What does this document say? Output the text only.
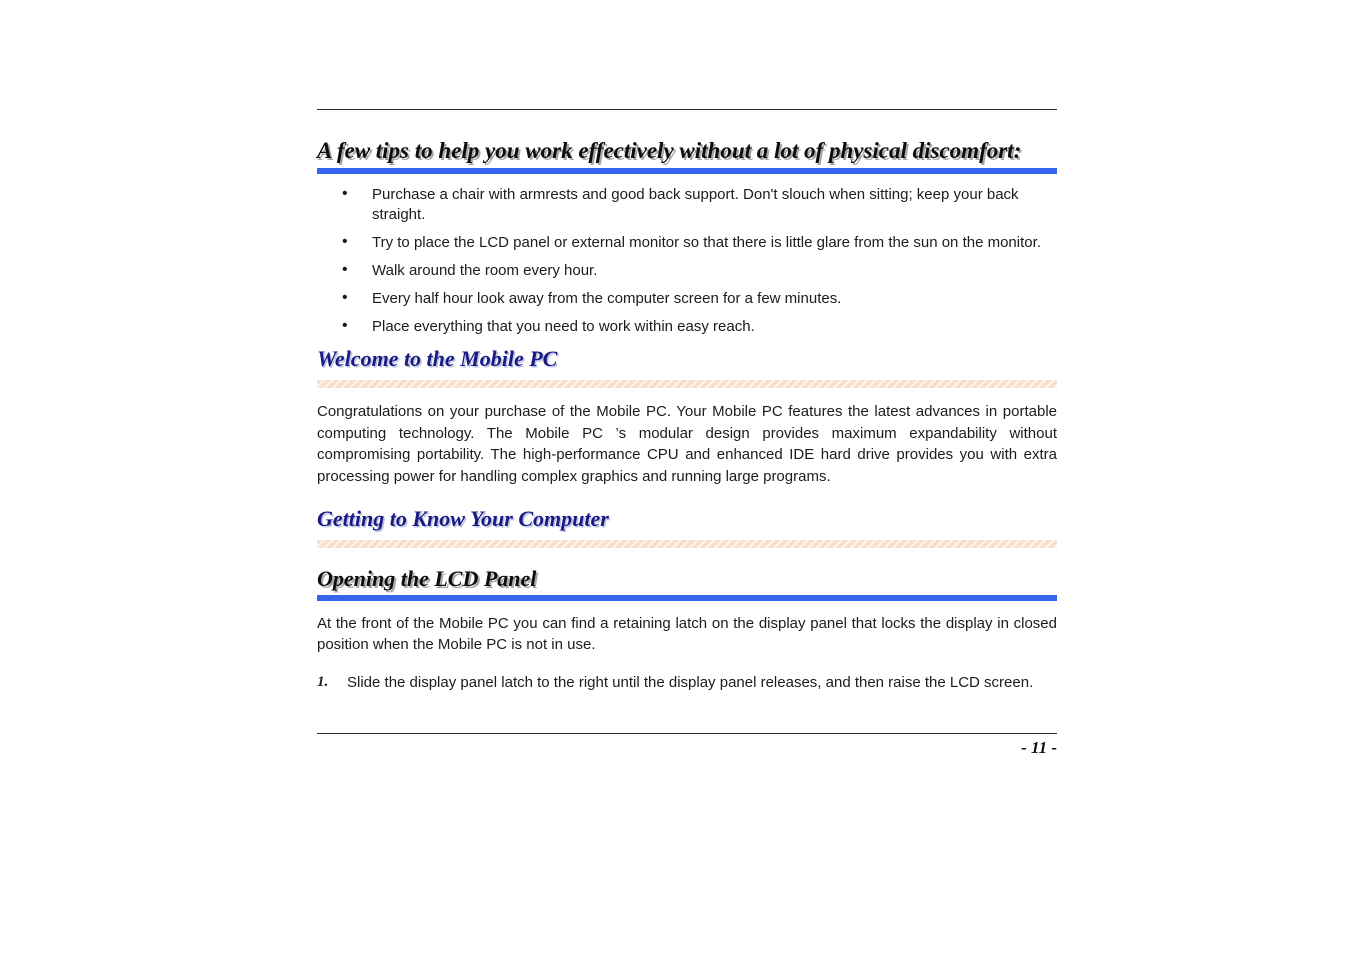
A few tips to help you work effectively without a lot of physical discomfort:
• Purchase a chair with armrests and good back support. Don't slouch when sitting; keep your back straight.
• Try to place the LCD panel or external monitor so that there is little glare from the sun on the monitor.
• Walk around the room every hour.
• Every half hour look away from the computer screen for a few minutes.
• Place everything that you need to work within easy reach.
Welcome to the Mobile PC

Congratulations on your purchase of the Mobile PC. Your Mobile PC features the latest advances in portable computing technology. The Mobile PC ’s modular design provides maximum expandability without compromising portability. The high-performance CPU and enhanced IDE hard drive provides you with extra processing power for handling complex graphics and running large programs.

Getting to Know Your Computer
Opening the LCD Panel

At the front of the Mobile PC you can find a retaining latch on the display panel that locks the display in closed position when the Mobile PC is not in use.

1.	Slide the display panel latch to the right until the display panel releases, and then raise the LCD screen.
- 11 -
